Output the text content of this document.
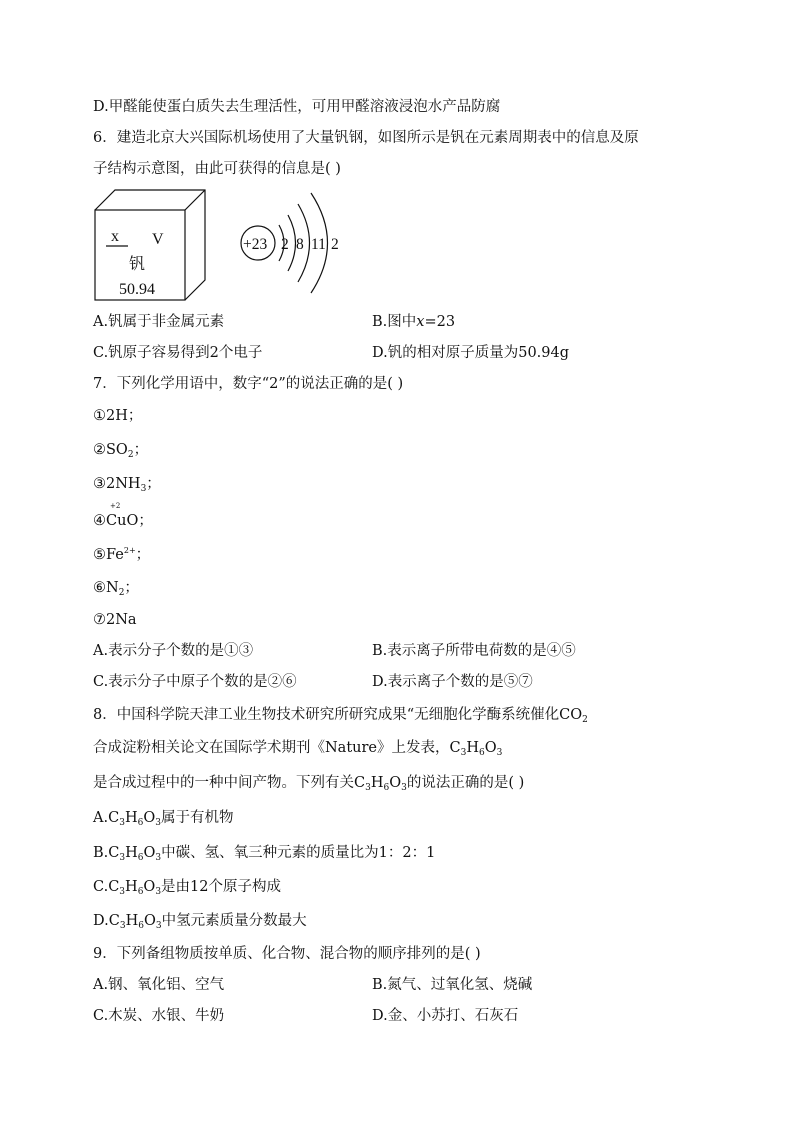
D.甲醛能使蛋白质失去生理活性，可用甲醛溶液浸泡水产品防腐
6．建造北京大兴国际机场使用了大量钒钢，如图所示是钒在元素周期表中的信息及原
子结构示意图，由此可获得的信息是( )
x V
钒
50.94
+23 2 8 11 2
A.钒属于非金属元素	B.图中x=23
C.钒原子容易得到2个电子	D.钒的相对原子质量为50.94g
7．下列化学用语中，数字“2”的说法正确的是( )
①2H；
$②SO_2$；
$③2NH_3$；
④
+2
CuO；
$⑤Fe^{2+}$；
$⑥N_2$；
⑦2Na
A.表示分子个数的是①③	B.表示离子所带电荷数的是④⑤
C.表示分子中原子个数的是②⑥	D.表示离子个数的是⑤⑦
8．中国科学院天津工业生物技术研究所研究成果“无细胞化学酶系统催化$CO_2$
合成淀粉相关论文在国际学术期刊《Nature》上发表，$C_3H_6O_3$
是合成过程中的一种中间产物。下列有关$C_3H_6O_3$的说法正确的是( )
$A.C_3H_6O_3$属于有机物
$B.C_3H_6O_3$中碳、氢、氧三种元素的质量比为1：2：1
$C.C_3H_6O_3$是由12个原子构成
$D.C_3H_6O_3$中氢元素质量分数最大
9．下列备组物质按单质、化合物、混合物的顺序排列的是( )
A.钢、氧化铝、空气	B.氮气、过氧化氢、烧碱
C.木炭、水银、牛奶	D.金、小苏打、石灰石
